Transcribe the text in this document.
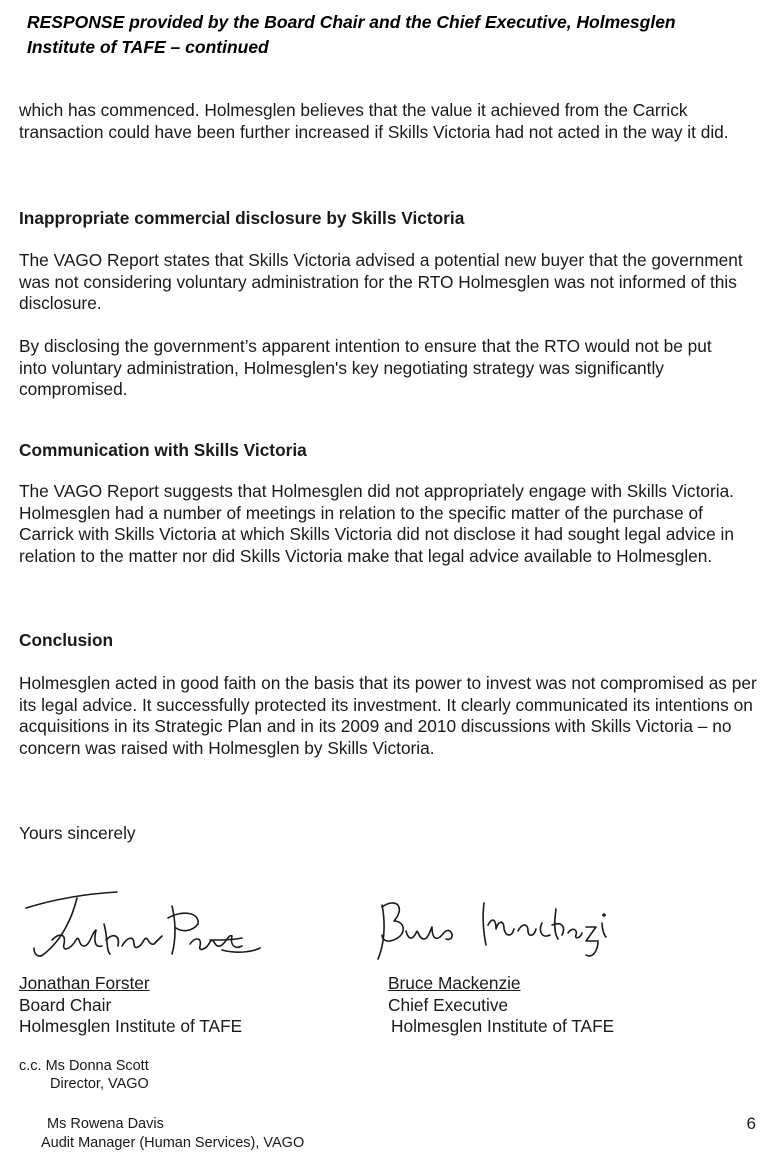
RESPONSE provided by the Board Chair and the Chief Executive, Holmesglen
Institute of TAFE – continued

which has commenced. Holmesglen believes that the value it achieved from the Carrick transaction could have been further increased if Skills Victoria had not acted in the way it did.

Inappropriate commercial disclosure by Skills Victoria

The VAGO Report states that Skills Victoria advised a potential new buyer that the government was not considering voluntary administration for the RTO Holmesglen was not informed of this disclosure.

By disclosing the government’s apparent intention to ensure that the RTO would not be put into voluntary administration, Holmesglen's key negotiating strategy was significantly compromised.

Communication with Skills Victoria

The VAGO Report suggests that Holmesglen did not appropriately engage with Skills Victoria. Holmesglen had a number of meetings in relation to the specific matter of the purchase of Carrick with Skills Victoria at which Skills Victoria did not disclose it had sought legal advice in relation to the matter nor did Skills Victoria make that legal advice available to Holmesglen.

Conclusion

Holmesglen acted in good faith on the basis that its power to invest was not compromised as per its legal advice. It successfully protected its investment. It clearly communicated its intentions on acquisitions in its Strategic Plan and in its 2009 and 2010 discussions with Skills Victoria – no concern was raised with Holmesglen by Skills Victoria.

Yours sincerely

Jonathan Forster
Board Chair
Holmesglen Institute of TAFE
Bruce Mackenzie
Chief Executive
Holmesglen Institute of TAFE
c.c. Ms Donna Scott
Director, VAGO
Ms Rowena Davis
Audit Manager (Human Services), VAGO
6
